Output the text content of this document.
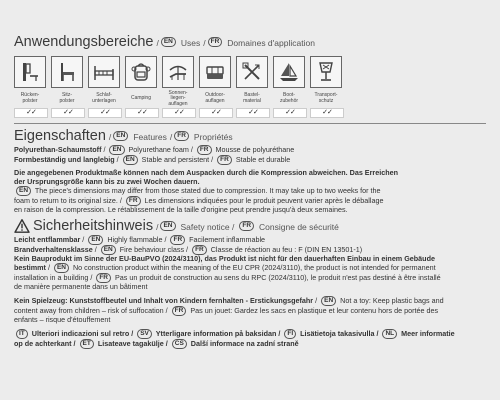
Anwendungsbereiche / EN Uses / FR Domaines d'application
Rücken-
polster
✓✓
Sitz-
polster
✓✓
Schlaf-
unterlagen
✓✓
Camping
✓✓
Sonnen-
liegen-
auflagen
✓✓
Outdoor-
auflagen
✓✓
Bastel-
material
✓✓
Boot-
zubehör
✓✓
Transport-
schutz
✓✓
Eigenschaften / EN Features / FR Propriétés
Polyurethan-Schaumstoff / EN Polyurethane foam / FR Mousse de polyuréthane
Formbeständig und langlebig / EN Stable and persistent / FR Stable et durable
Die angegebenen Produktmaße können nach dem Auspacken durch die Kompression abweichen. Das Erreichen
der Ursprungsgröße kann bis zu zwei Wochen dauern.
EN The piece's dimensions may differ from those stated due to compression. It may take up to two weeks for the
foam to return to its original size. / FR Les dimensions indiquées pour le produit peuvent varier après le déballage
en raison de la compression. Le rétablissement de la taille d'origine peut prendre jusqu'à deux semaines.
Sicherheitshinweis / EN Safety notice / FR Consigne de sécurité
Leicht entflammbar / EN Highly flammable / FR Facilement inflammable
Brandverhaltensklasse / EN Fire behaviour class / FR Classe de réaction au feu : F (DIN EN 13501-1)
Kein Bauprodukt im Sinne der EU-BauPVO (2024/3110), das Produkt ist nicht für den dauerhaften Einbau in einem Gebäude
bestimmt / EN No construction product within the meaning of the EU CPR (2024/3110), the product is not intended for permanent
installation in a building / FR Pas un produit de construction au sens du RPC (2024/3110), le produit n'est pas destiné à être installé
de manière permanente dans un bâtiment
Kein Spielzeug: Kunststoffbeutel und Inhalt von Kindern fernhalten - Erstickungsgefahr / EN Not a toy: Keep plastic bags and
content away from children – risk of suffocation / FR Pas un jouet: Gardez les sacs en plastique et leur contenu hors de portée des
enfants – risque d'étouffement
IT Ulteriori indicazioni sul retro / SV Ytterligare information på baksidan / FI Lisätietoja takasivulla / NL Meer informatie
op de achterkant / ET Lisateave tagaküljе / CS Další informace na zadní straně
